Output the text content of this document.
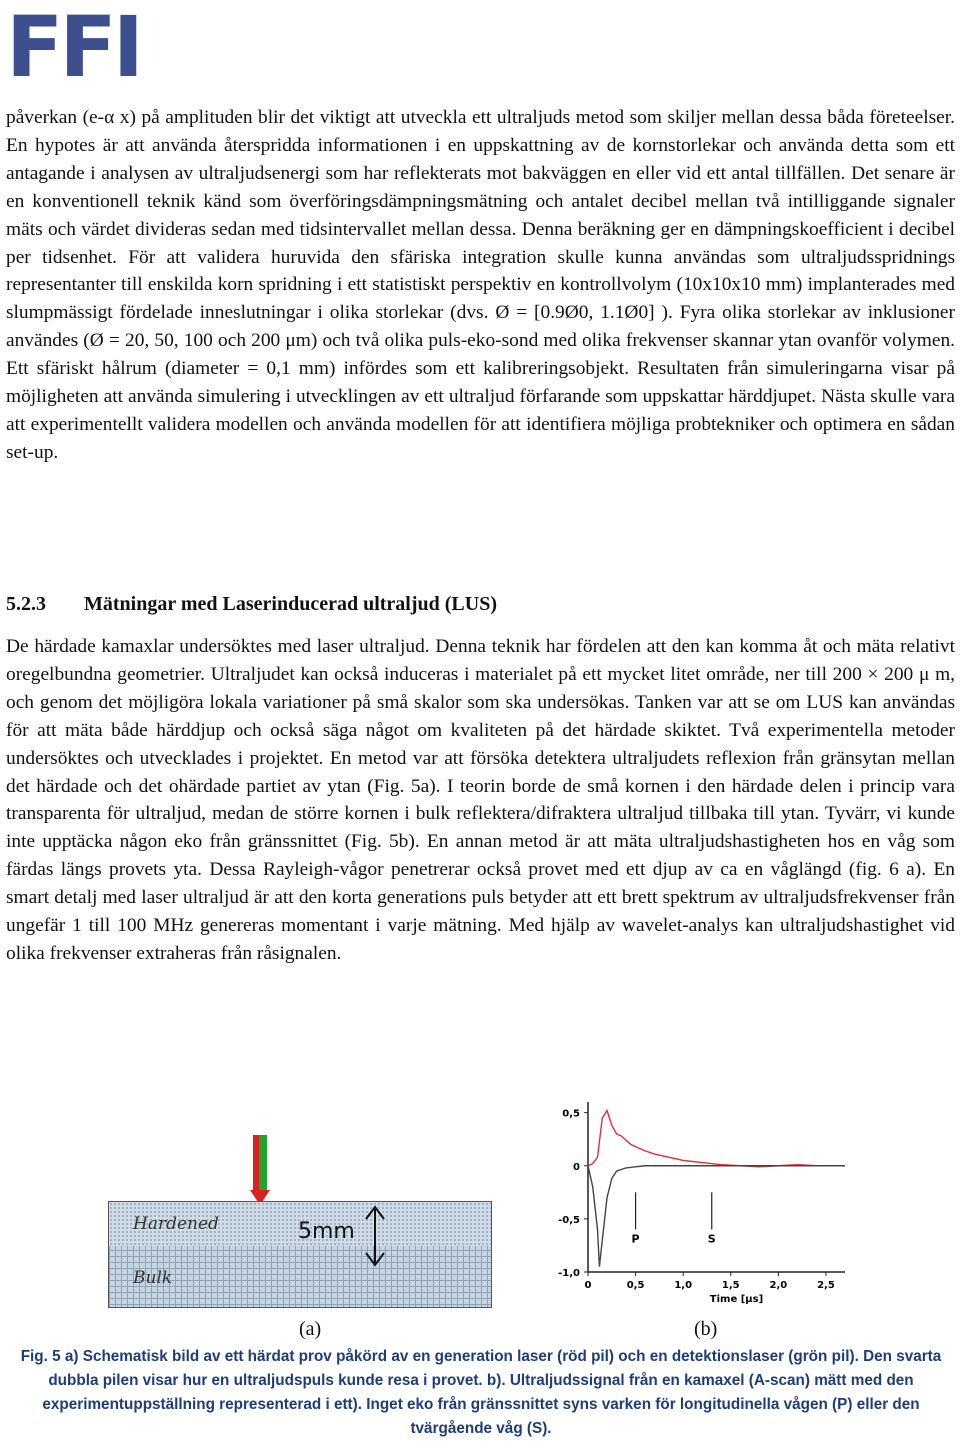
FFI

påverkan (e-α x) på amplituden blir det viktigt att utveckla ett ultraljuds metod som skiljer mellan dessa båda företeelser. En hypotes är att använda återspridda informationen i en uppskattning av de kornstorlekar och använda detta som ett antagande i analysen av ultraljudsenergi som har reflekterats mot bakväggen en eller vid ett antal tillfällen. Det senare är en konventionell teknik känd som överföringsdämpningsmätning och antalet decibel mellan två intilliggande signaler mäts och värdet divideras sedan med tidsintervallet mellan dessa. Denna beräkning ger en dämpningskoefficient i decibel per tidsenhet. För att validera huruvida den sfäriska integration skulle kunna användas som ultraljudsspridnings representanter till enskilda korn spridning i ett statistiskt perspektiv en kontrollvolym (10x10x10 mm) implanterades med slumpmässigt fördelade inneslutningar i olika storlekar (dvs. Ø = [0.9Ø0, 1.1Ø0] ). Fyra olika storlekar av inklusioner användes (Ø = 20, 50, 100 och 200 μm) och två olika puls-eko-sond med olika frekvenser skannar ytan ovanför volymen. Ett sfäriskt hålrum (diameter = 0,1 mm) infördes som ett kalibreringsobjekt. Resultaten från simuleringarna visar på möjligheten att använda simulering i utvecklingen av ett ultraljud förfarande som uppskattar härddjupet. Nästa skulle vara att experimentellt validera modellen och använda modellen för att identifiera möjliga probtekniker och optimera en sådan set-up.

5.2.3 Mätningar med Laserinducerad ultraljud (LUS)

De härdade kamaxlar undersöktes med laser ultraljud. Denna teknik har fördelen att den kan komma åt och mäta relativt oregelbundna geometrier. Ultraljudet kan också induceras i materialet på ett mycket litet område, ner till 200 × 200 μ m, och genom det möjligöra lokala variationer på små skalor som ska undersökas. Tanken var att se om LUS kan användas för att mäta både härddjup och också säga något om kvaliteten på det härdade skiktet. Två experimentella metoder undersöktes och utvecklades i projektet. En metod var att försöka detektera ultraljudets reflexion från gränsytan mellan det härdade och det ohärdade partiet av ytan (Fig. 5a). I teorin borde de små kornen i den härdade delen i princip vara transparenta för ultraljud, medan de större kornen i bulk reflektera/difraktera ultraljud tillbaka till ytan. Tyvärr, vi kunde inte upptäcka någon eko från gränssnittet (Fig. 5b). En annan metod är att mäta ultraljudshastigheten hos en våg som färdas längs provets yta. Dessa Rayleigh-vågor penetrerar också provet med ett djup av ca en våglängd (fig. 6 a). En smart detalj med laser ultraljud är att den korta generations puls betyder att ett brett spektrum av ultraljudsfrekvenser från ungefär 1 till 100 MHz genereras momentant i varje mätning. Med hjälp av wavelet-analys kan ultraljudshastighet vid olika frekvenser extraheras från råsignalen.

Hardened
Bulk
5mm
0,5
0
-0,5
-1,0
0	0,5	1,0	1,5	2,0	2,5
Time [μs]
P	S
(a)	(b)

Fig. 5 a) Schematisk bild av ett härdat prov påkörd av en generation laser (röd pil) och en detektionslaser (grön pil). Den svarta dubbla pilen visar hur en ultraljudspuls kunde resa i provet. b). Ultraljudssignal från en kamaxel (A-scan) mätt med den experimentuppställning representerad i ett). Inget eko från gränssnittet syns varken för longitudinella vågen (P) eller den tvärgående våg (S).
